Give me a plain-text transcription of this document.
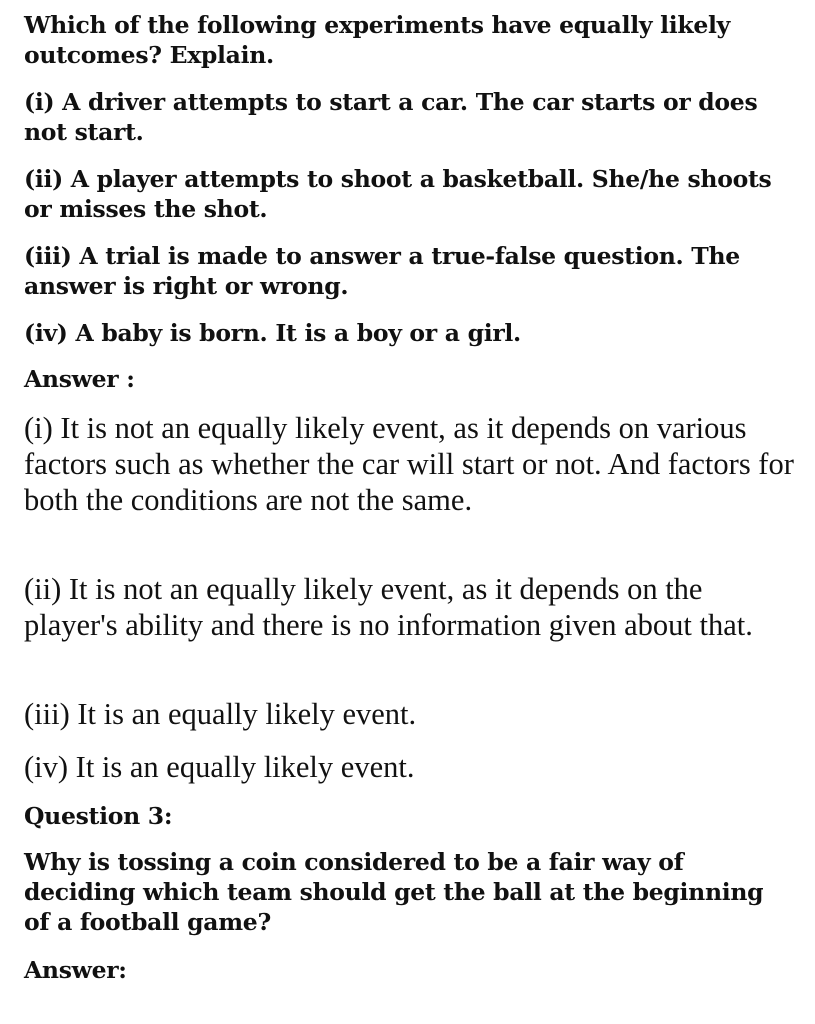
Which of the following experiments have equally likely outcomes? Explain.

(i) A driver attempts to start a car. The car starts or does not start.

(ii) A player attempts to shoot a basketball. She/he shoots or misses the shot.

(iii) A trial is made to answer a true-false question. The answer is right or wrong.

(iv) A baby is born. It is a boy or a girl.

Answer :

(i) It is not an equally likely event, as it depends on various factors such as whether the car will start or not. And factors for both the conditions are not the same.

(ii) It is not an equally likely event, as it depends on the player's ability and there is no information given about that.

(iii) It is an equally likely event.

(iv) It is an equally likely event.

Question 3:

Why is tossing a coin considered to be a fair way of deciding which team should get the ball at the beginning of a football game?

Answer:
